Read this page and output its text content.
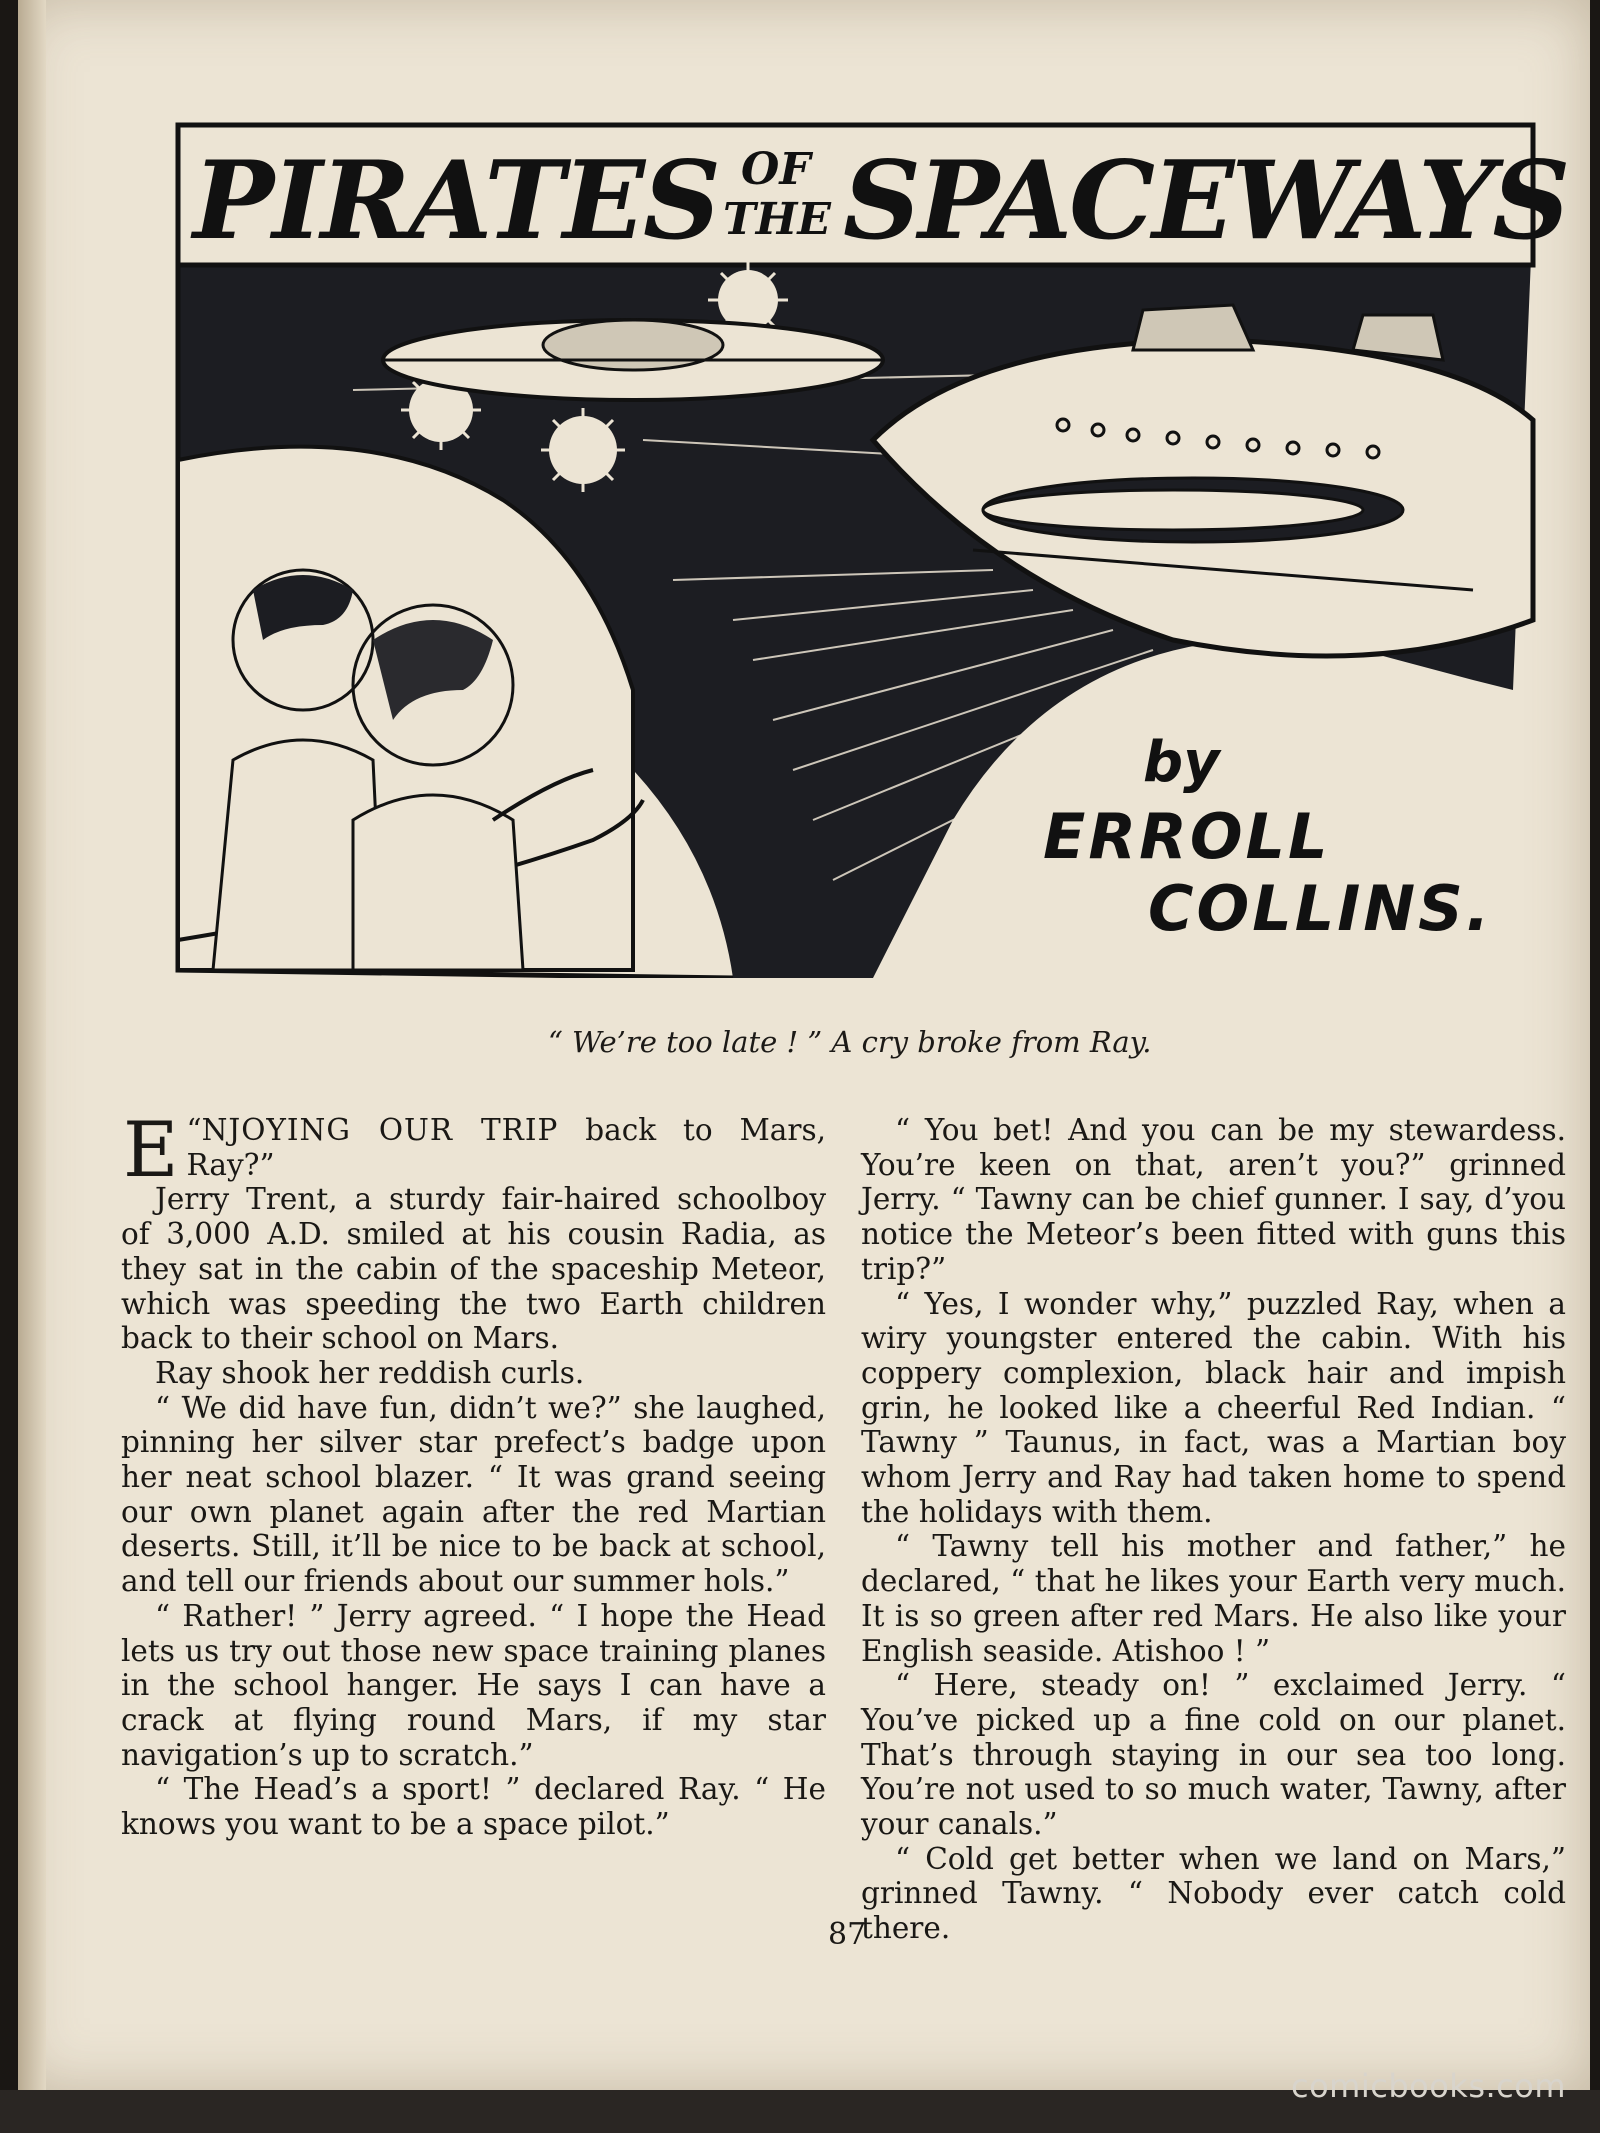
PIRATES OF
THE SPACEWAYS
by
ERROLL
COLLINS.
“ We’re too late ! ” A cry broke from Ray.

“
E NJOYING OUR TRIP back to Mars, Ray?”

Jerry Trent, a sturdy fair-haired schoolboy of 3,000 A.D. smiled at his cousin Radia, as they sat in the cabin of the spaceship Meteor, which was speeding the two Earth children back to their school on Mars.

Ray shook her reddish curls.

“ We did have fun, didn’t we?” she laughed, pinning her silver star prefect’s badge upon her neat school blazer. “ It was grand seeing our own planet again after the red Martian deserts. Still, it’ll be nice to be back at school, and tell our friends about our summer hols.”

“ Rather! ” Jerry agreed. “ I hope the Head lets us try out those new space training planes in the school hanger. He says I can have a crack at flying round Mars, if my star navigation’s up to scratch.”

“ The Head’s a sport! ” declared Ray. “ He knows you want to be a space pilot.”

“ You bet! And you can be my stewardess. You’re keen on that, aren’t you?” grinned Jerry. “ Tawny can be chief gunner. I say, d’you notice the Meteor’s been fitted with guns this trip?”

“ Yes, I wonder why,” puzzled Ray, when a wiry youngster entered the cabin. With his coppery complexion, black hair and impish grin, he looked like a cheerful Red Indian. “ Tawny ” Taunus, in fact, was a Martian boy whom Jerry and Ray had taken home to spend the holidays with them.

“ Tawny tell his mother and father,” he declared, “ that he likes your Earth very much. It is so green after red Mars. He also like your English seaside. Atishoo ! ”

“ Here, steady on! ” exclaimed Jerry. “ You’ve picked up a fine cold on our planet. That’s through staying in our sea too long. You’re not used to so much water, Tawny, after your canals.”

“ Cold get better when we land on Mars,” grinned Tawny. “ Nobody ever catch cold there.

87
comicbooks.com
